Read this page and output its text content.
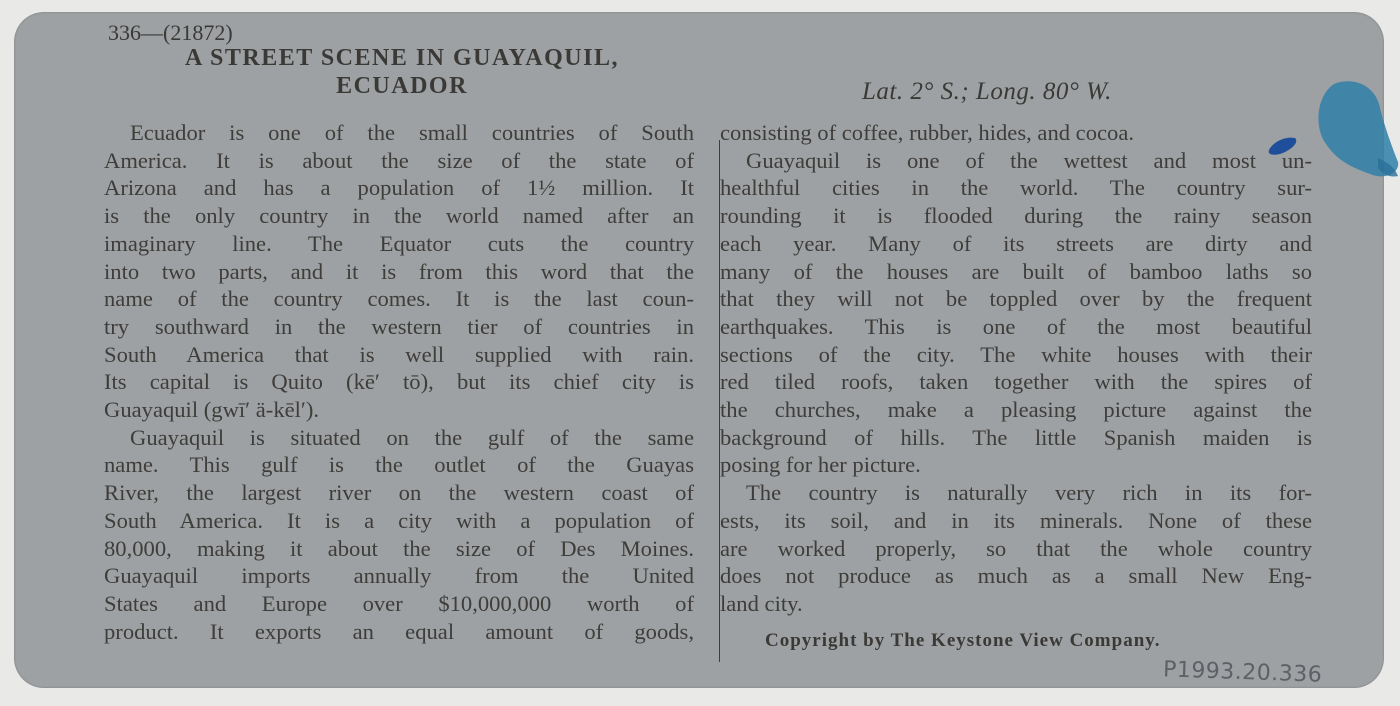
336—(21872)
A STREET SCENE IN GUAYAQUIL,
ECUADOR	Lat. 2° S.; Long. 80° W.
Ecuador is one of the small countries of South
America. It is about the size of the state of
Arizona and has a population of 1½ million. It
is the only country in the world named after an
imaginary line. The Equator cuts the country
into two parts, and it is from this word that the
name of the country comes. It is the last coun-
try southward in the western tier of countries in
South America that is well supplied with rain.
Its capital is Quito (kē′ tō), but its chief city is
Guayaquil (gwī′ ä-kēl′).
Guayaquil is situated on the gulf of the same
name. This gulf is the outlet of the Guayas
River, the largest river on the western coast of
South America. It is a city with a population of
80,000, making it about the size of Des Moines.
Guayaquil imports annually from the United
States and Europe over $10,000,000 worth of
product. It exports an equal amount of goods,
consisting of coffee, rubber, hides, and cocoa.
Guayaquil is one of the wettest and most un-
healthful cities in the world. The country sur-
rounding it is flooded during the rainy season
each year. Many of its streets are dirty and
many of the houses are built of bamboo laths so
that they will not be toppled over by the frequent
earthquakes. This is one of the most beautiful
sections of the city. The white houses with their
red tiled roofs, taken together with the spires of
the churches, make a pleasing picture against the
background of hills. The little Spanish maiden is
posing for her picture.
The country is naturally very rich in its for-
ests, its soil, and in its minerals. None of these
are worked properly, so that the whole country
does not produce as much as a small New Eng-
land city.
Copyright by The Keystone View Company.
P1993.20.336
